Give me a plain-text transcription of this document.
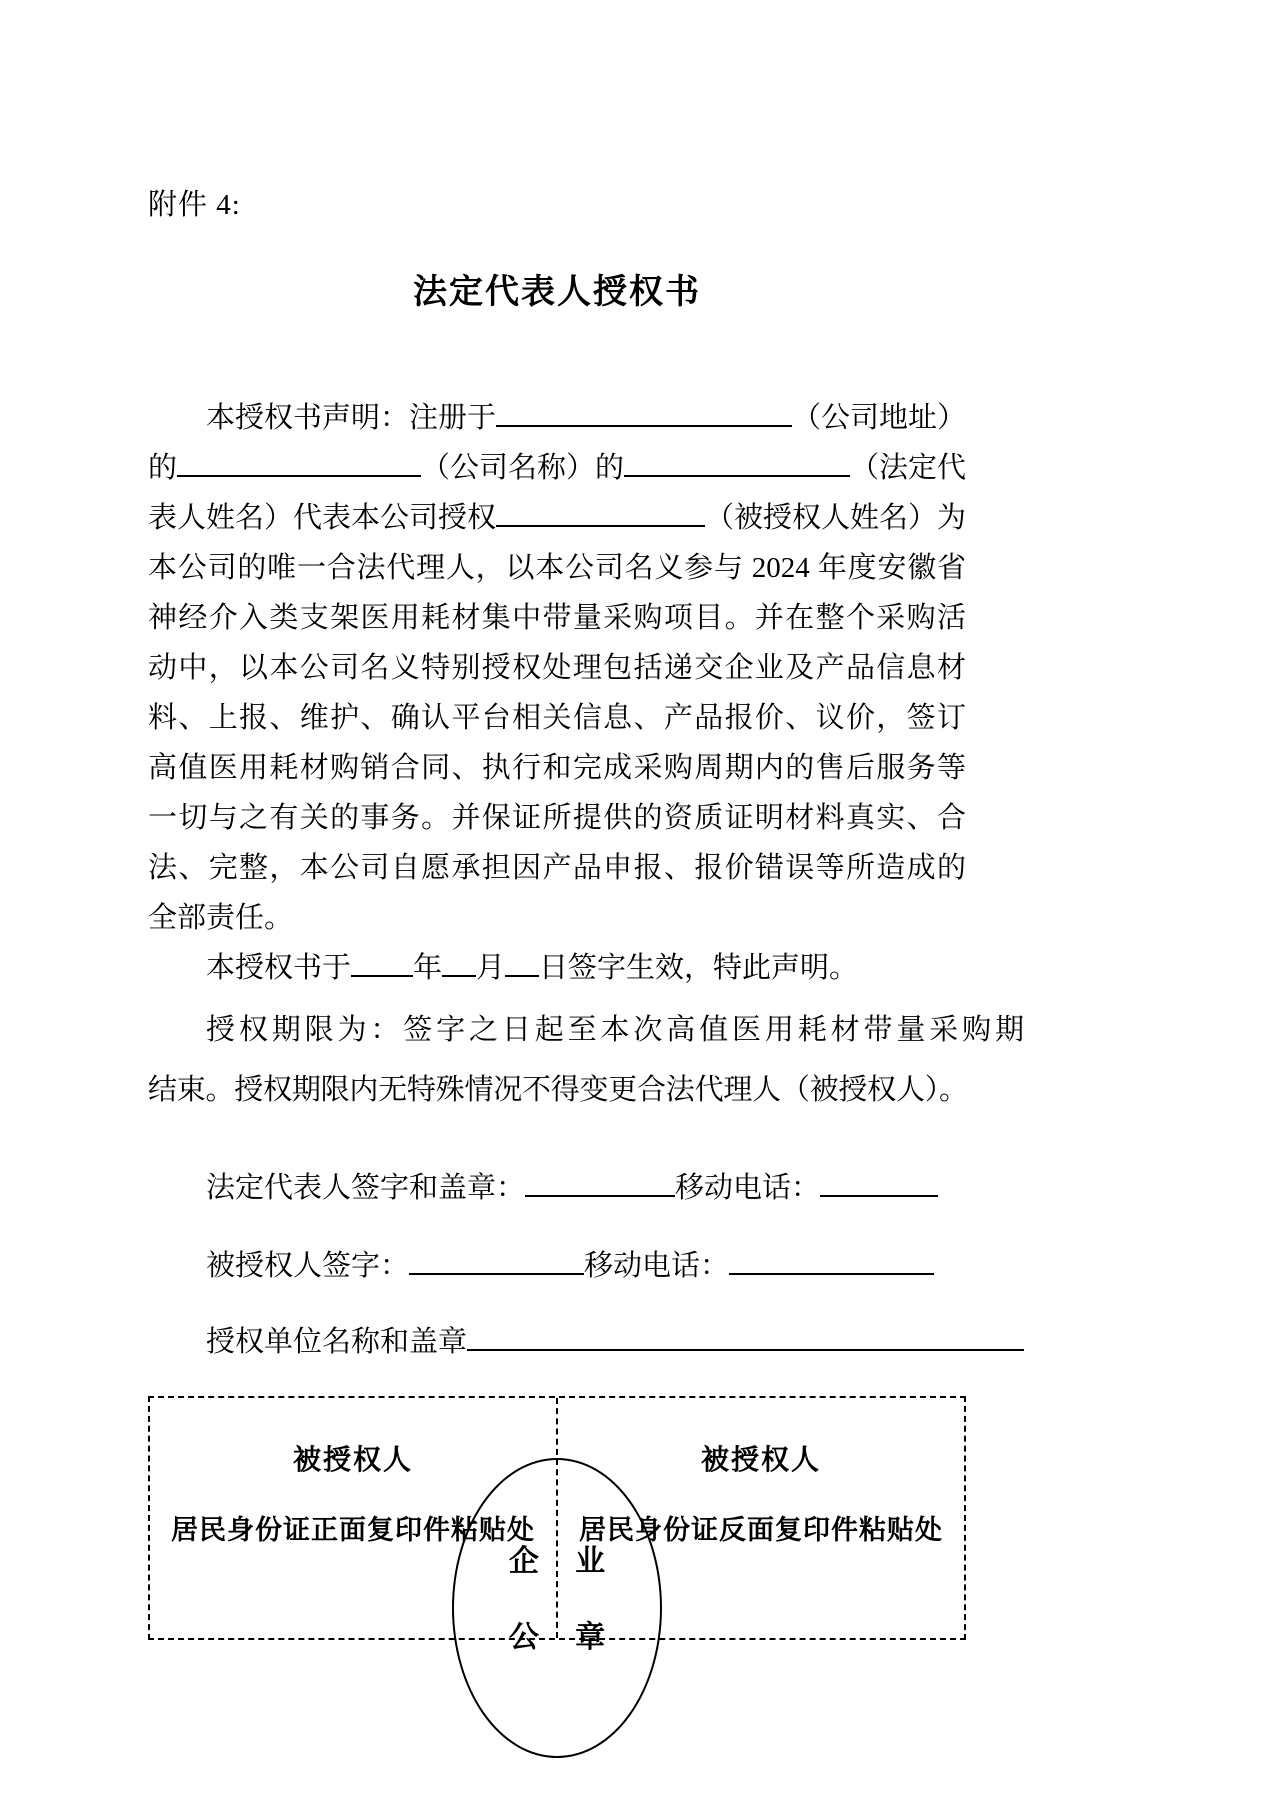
附件 4:
法定代表人授权书
本授权书声明：注册于	（公司地址）
的	（公司名称）的	（法定代
表人姓名）代表本公司授权	（被授权人姓名）为
本公司的唯一合法代理人，以本公司名义参与 2024 年度安徽省
神经介入类支架医用耗材集中带量采购项目。并在整个采购活
动中，以本公司名义特别授权处理包括递交企业及产品信息材
料、上报、维护、确认平台相关信息、产品报价、议价，签订
高值医用耗材购销合同、执行和完成采购周期内的售后服务等
一切与之有关的事务。并保证所提供的资质证明材料真实、合
法、完整，本公司自愿承担因产品申报、报价错误等所造成的
全部责任。
本授权书于 年 月 日签字生效，特此声明。
授权期限为：签字之日起至本次高值医用耗材带量采购期
结束。授权期限内无特殊情况不得变更合法代理人（被授权人）。
法定代表人签字和盖章：	移动电话：
被授权人签字：	移动电话：
授权单位名称和盖章
被授权人
居民身份证正面复印件粘贴处
被授权人
居民身份证反面复印件粘贴处
企 业
公 章
